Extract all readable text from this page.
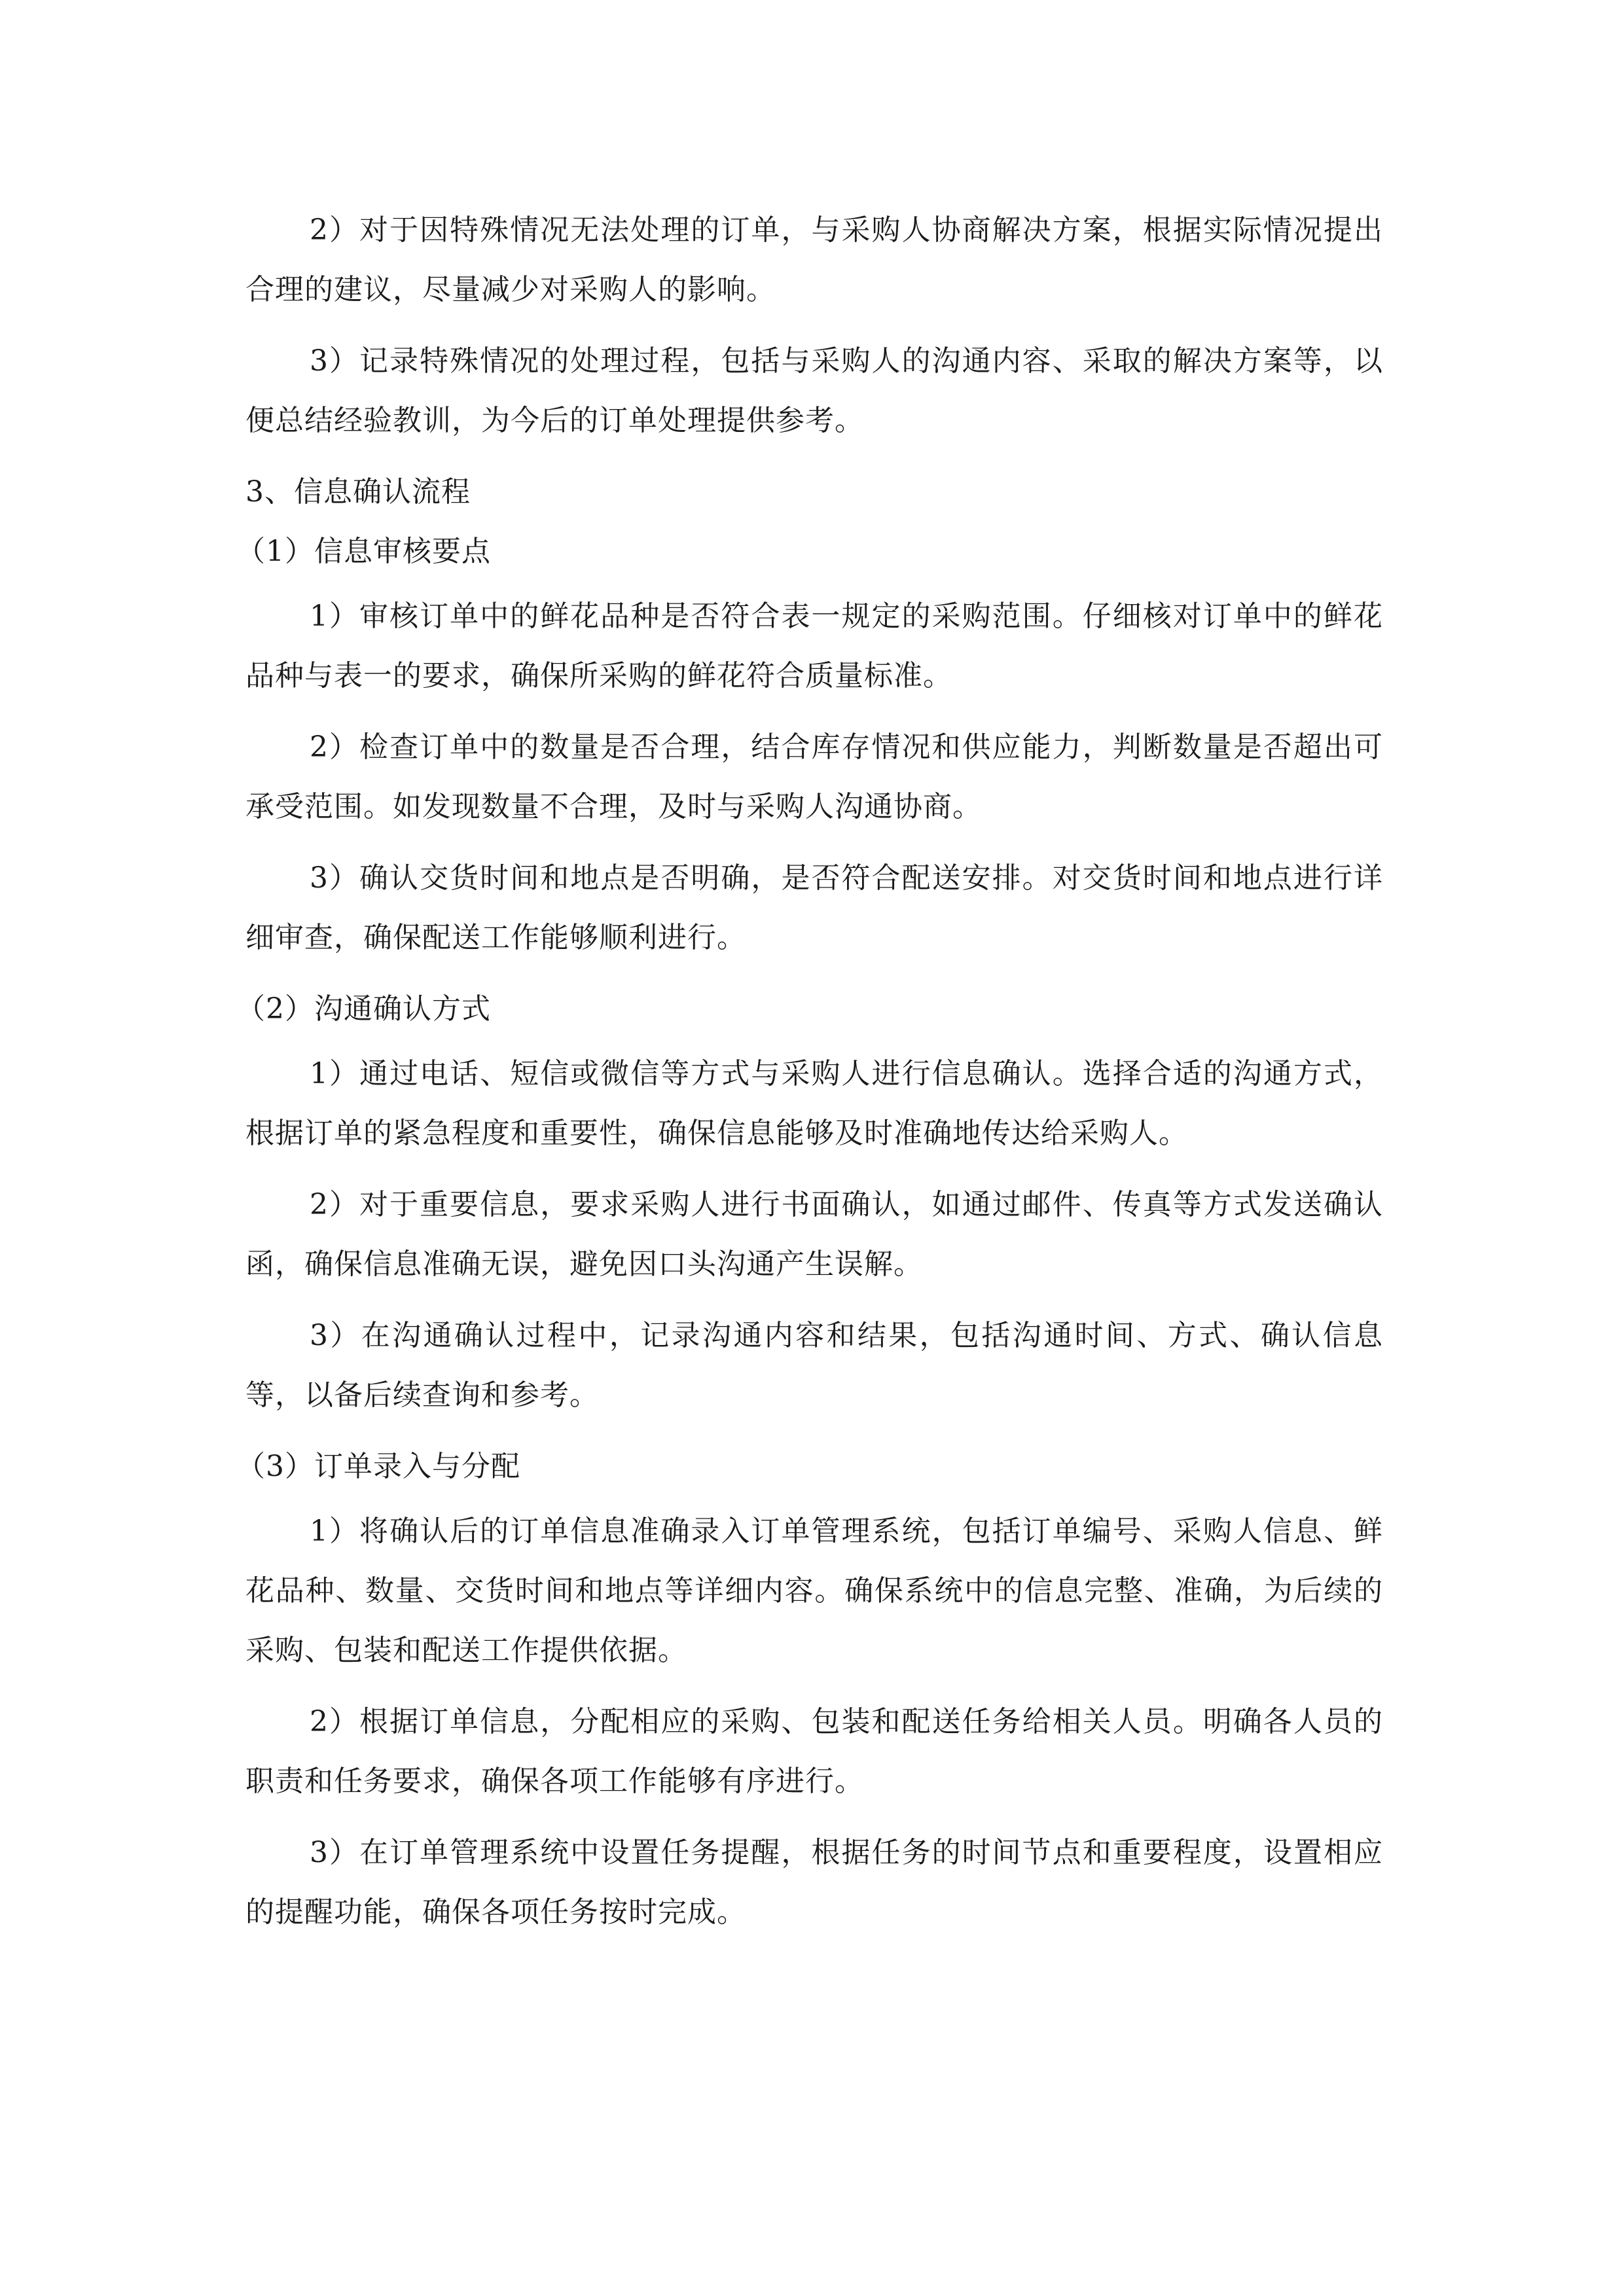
2）对于因特殊情况无法处理的订单，与采购人协商解决方案，根据实际情况提出合理的建议，尽量减少对采购人的影响。

3）记录特殊情况的处理过程，包括与采购人的沟通内容、采取的解决方案等，以便总结经验教训，为今后的订单处理提供参考。

3、信息确认流程

（1）信息审核要点

1）审核订单中的鲜花品种是否符合表一规定的采购范围。仔细核对订单中的鲜花品种与表一的要求，确保所采购的鲜花符合质量标准。

2）检查订单中的数量是否合理，结合库存情况和供应能力，判断数量是否超出可承受范围。如发现数量不合理，及时与采购人沟通协商。

3）确认交货时间和地点是否明确，是否符合配送安排。对交货时间和地点进行详细审查，确保配送工作能够顺利进行。

（2）沟通确认方式

1）通过电话、短信或微信等方式与采购人进行信息确认。选择合适的沟通方式，根据订单的紧急程度和重要性，确保信息能够及时准确地传达给采购人。

2）对于重要信息，要求采购人进行书面确认，如通过邮件、传真等方式发送确认函，确保信息准确无误，避免因口头沟通产生误解。

3）在沟通确认过程中，记录沟通内容和结果，包括沟通时间、方式、确认信息等，以备后续查询和参考。

（3）订单录入与分配

1）将确认后的订单信息准确录入订单管理系统，包括订单编号、采购人信息、鲜花品种、数量、交货时间和地点等详细内容。确保系统中的信息完整、准确，为后续的采购、包装和配送工作提供依据。

2）根据订单信息，分配相应的采购、包装和配送任务给相关人员。明确各人员的职责和任务要求，确保各项工作能够有序进行。

3）在订单管理系统中设置任务提醒，根据任务的时间节点和重要程度，设置相应的提醒功能，确保各项任务按时完成。
